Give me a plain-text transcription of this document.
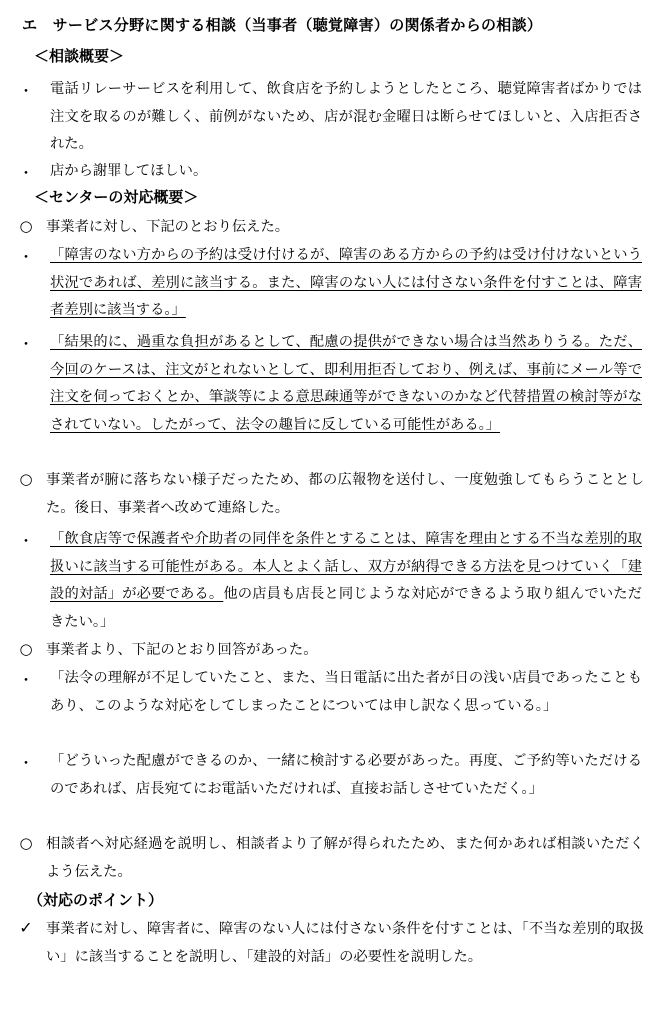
エ　サービス分野に関する相談（当事者（聴覚障害）の関係者からの相談）
＜相談概要＞
・ 電話リレーサービスを利用して、飲食店を予約しようとしたところ、聴覚障害者ばかりでは注文を取るのが難しく、前例がないため、店が混む金曜日は断らせてほしいと、入店拒否された。
・ 店から謝罪してほしい。
＜センターの対応概要＞
○ 事業者に対し、下記のとおり伝えた。
・ 「障害のない方からの予約は受け付けるが、障害のある方からの予約は受け付けないという状況であれば、差別に該当する。また、障害のない人には付さない条件を付すことは、障害者差別に該当する。」
・ 「結果的に、過重な負担があるとして、配慮の提供ができない場合は当然ありうる。ただ、今回のケースは、注文がとれないとして、即利用拒否しており、例えば、事前にメール等で注文を伺っておくとか、筆談等による意思疎通等ができないのかなど代替措置の検討等がなされていない。したがって、法令の趣旨に反している可能性がある。」
○ 事業者が腑に落ちない様子だったため、都の広報物を送付し、一度勉強してもらうこととした。後日、事業者へ改めて連絡した。
・ 「飲食店等で保護者や介助者の同伴を条件とすることは、障害を理由とする不当な差別的取扱いに該当する可能性がある。本人とよく話し、双方が納得できる方法を見つけていく「建設的対話」が必要である。他の店員も店長と同じような対応ができるよう取り組んでいただきたい。」
○ 事業者より、下記のとおり回答があった。
・ 「法令の理解が不足していたこと、また、当日電話に出た者が日の浅い店員であったこともあり、このような対応をしてしまったことについては申し訳なく思っている。」
・ 「どういった配慮ができるのか、一緒に検討する必要があった。再度、ご予約等いただけるのであれば、店長宛てにお電話いただければ、直接お話しさせていただく。」
○ 相談者へ対応経過を説明し、相談者より了解が得られたため、また何かあれば相談いただくよう伝えた。
（対応のポイント）
✓ 事業者に対し、障害者に、障害のない人には付さない条件を付すことは、「不当な差別的取扱い」に該当することを説明し、「建設的対話」の必要性を説明した。
